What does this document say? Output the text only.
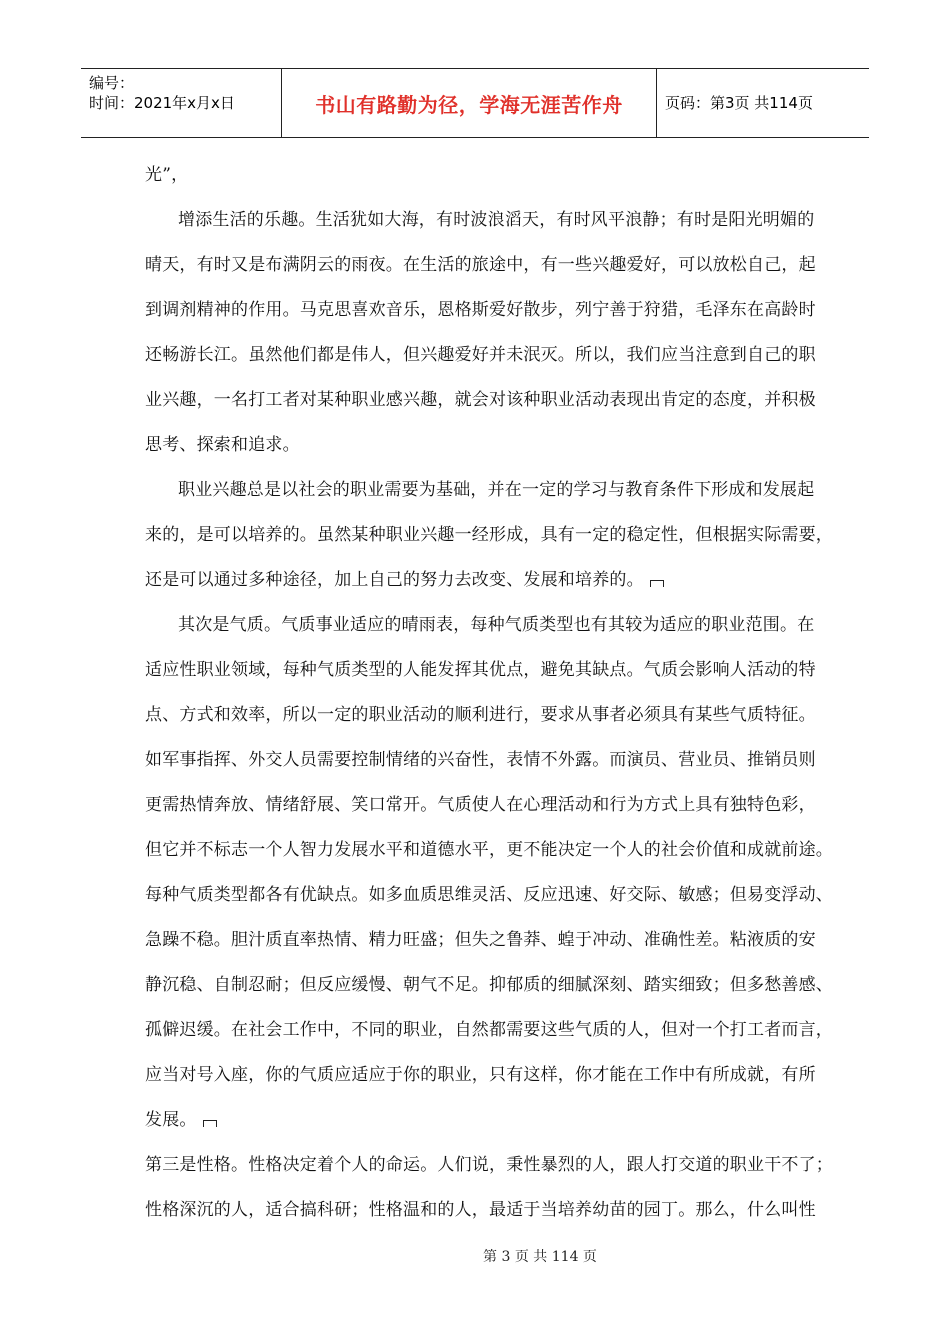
编号：
时间：2021年x月x日	书山有路勤为径，学海无涯苦作舟	页码：第3页 共114页
光”，
增添生活的乐趣。生活犹如大海，有时波浪滔天，有时风平浪静；有时是阳光明媚的
晴天，有时又是布满阴云的雨夜。在生活的旅途中，有一些兴趣爱好，可以放松自己，起
到调剂精神的作用。马克思喜欢音乐，恩格斯爱好散步，列宁善于狩猎，毛泽东在高龄时
还畅游长江。虽然他们都是伟人，但兴趣爱好并未泯灭。所以，我们应当注意到自己的职
业兴趣，一名打工者对某种职业感兴趣，就会对该种职业活动表现出肯定的态度，并积极
思考、探索和追求。
职业兴趣总是以社会的职业需要为基础，并在一定的学习与教育条件下形成和发展起
来的，是可以培养的。虽然某种职业兴趣一经形成，具有一定的稳定性，但根据实际需要，
还是可以通过多种途径，加上自己的努力去改变、发展和培养的。
其次是气质。气质事业适应的晴雨表，每种气质类型也有其较为适应的职业范围。在
适应性职业领域，每种气质类型的人能发挥其优点，避免其缺点。气质会影响人活动的特
点、方式和效率，所以一定的职业活动的顺利进行，要求从事者必须具有某些气质特征。
如军事指挥、外交人员需要控制情绪的兴奋性，表情不外露。而演员、营业员、推销员则
更需热情奔放、情绪舒展、笑口常开。气质使人在心理活动和行为方式上具有独特色彩，
但它并不标志一个人智力发展水平和道德水平，更不能决定一个人的社会价值和成就前途。
每种气质类型都各有优缺点。如多血质思维灵活、反应迅速、好交际、敏感；但易变浮动、
急躁不稳。胆汁质直率热情、精力旺盛；但失之鲁莽、蝗于冲动、准确性差。粘液质的安
静沉稳、自制忍耐；但反应缓慢、朝气不足。抑郁质的细腻深刻、踏实细致；但多愁善感、
孤僻迟缓。在社会工作中，不同的职业，自然都需要这些气质的人，但对一个打工者而言，
应当对号入座，你的气质应适应于你的职业，只有这样，你才能在工作中有所成就，有所
发展。
第三是性格。性格决定着个人的命运。人们说，秉性暴烈的人，跟人打交道的职业干不了；
性格深沉的人，适合搞科研；性格温和的人，最适于当培养幼苗的园丁。那么，什么叫性
第 3 页 共 114 页
